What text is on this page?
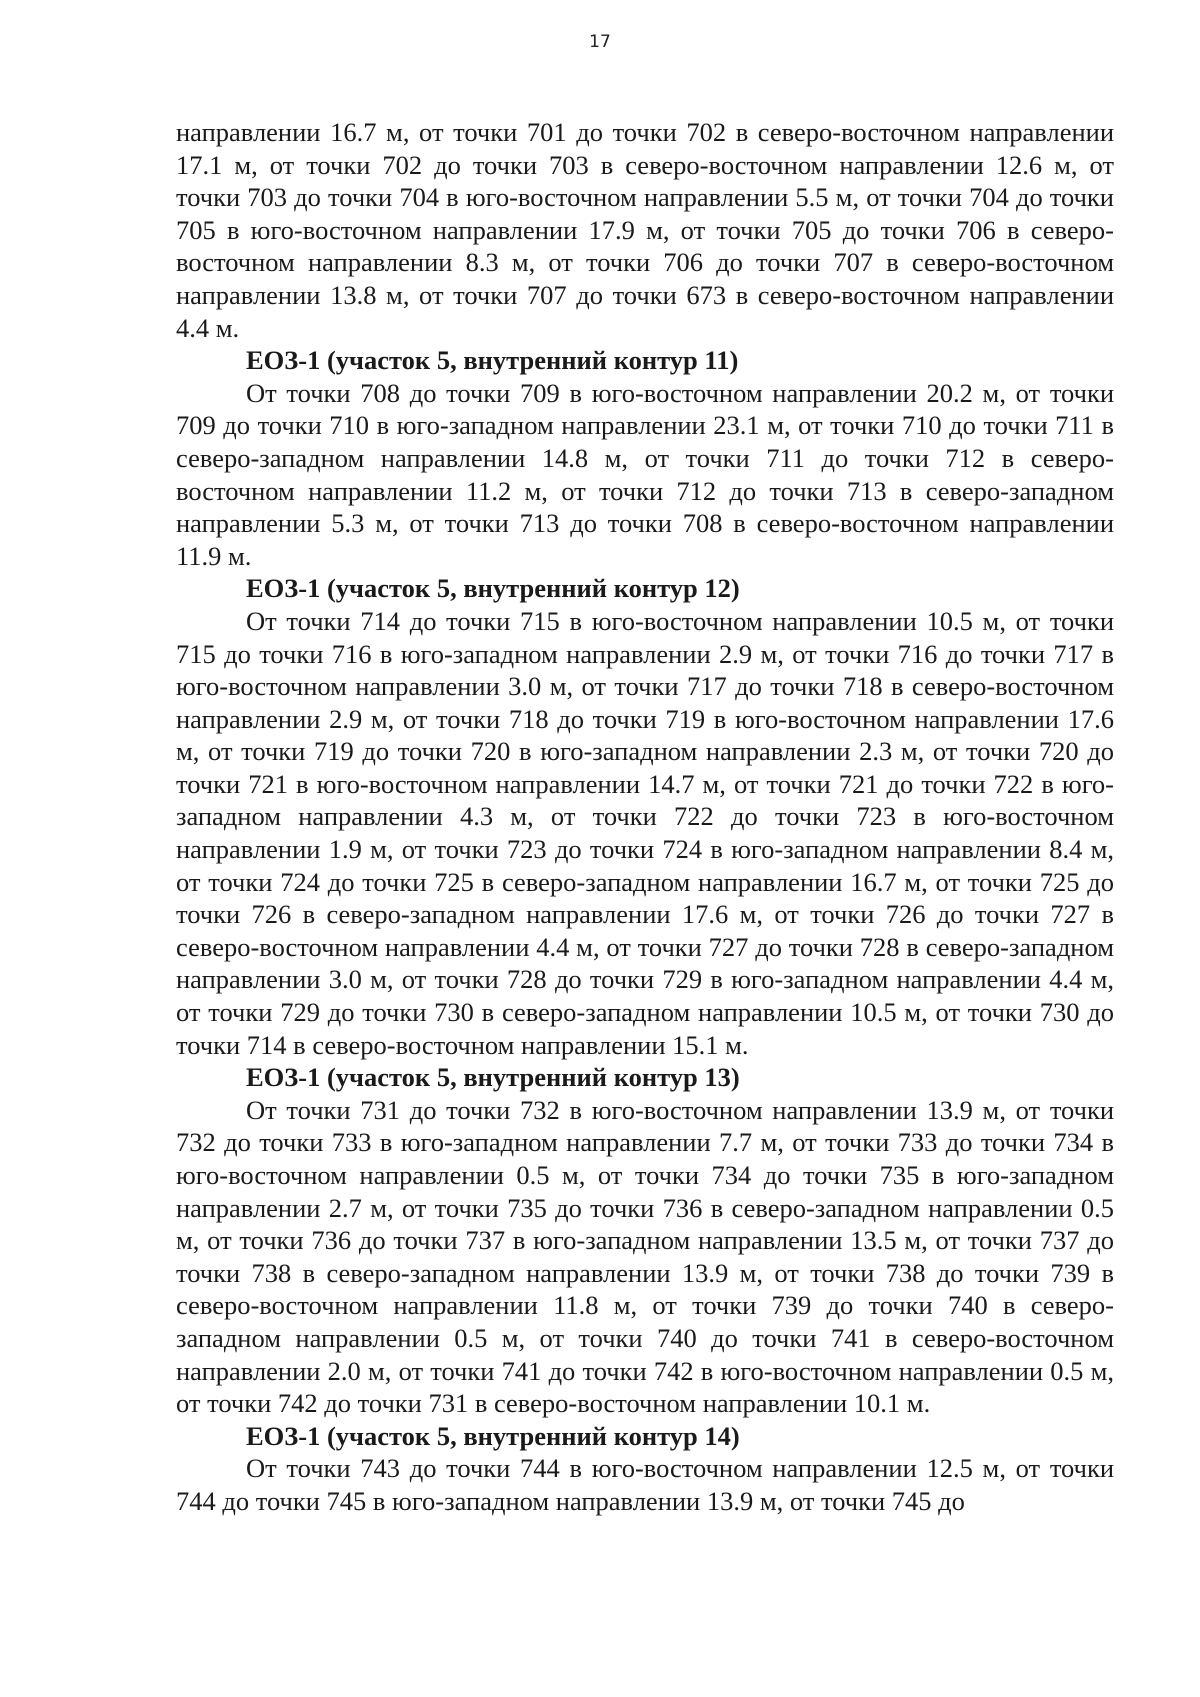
17

направлении 16.7 м, от точки 701 до точки 702 в северо-восточном направлении 17.1 м, от точки 702 до точки 703 в северо-восточном направлении 12.6 м, от точки 703 до точки 704 в юго-восточном направлении 5.5 м, от точки 704 до точки 705 в юго-восточном направлении 17.9 м, от точки 705 до точки 706 в северо-восточном направлении 8.3 м, от точки 706 до точки 707 в северо-восточном направлении 13.8 м, от точки 707 до точки 673 в северо-восточном направлении 4.4 м.

ЕОЗ-1 (участок 5, внутренний контур 11)

От точки 708 до точки 709 в юго-восточном направлении 20.2 м, от точки 709 до точки 710 в юго-западном направлении 23.1 м, от точки 710 до точки 711 в северо-западном направлении 14.8 м, от точки 711 до точки 712 в северо-восточном направлении 11.2 м, от точки 712 до точки 713 в северо-западном направлении 5.3 м, от точки 713 до точки 708 в северо-восточном направлении 11.9 м.

ЕОЗ-1 (участок 5, внутренний контур 12)

От точки 714 до точки 715 в юго-восточном направлении 10.5 м, от точки 715 до точки 716 в юго-западном направлении 2.9 м, от точки 716 до точки 717 в юго-восточном направлении 3.0 м, от точки 717 до точки 718 в северо-восточном направлении 2.9 м, от точки 718 до точки 719 в юго-восточном направлении 17.6 м, от точки 719 до точки 720 в юго-западном направлении 2.3 м, от точки 720 до точки 721 в юго-восточном направлении 14.7 м, от точки 721 до точки 722 в юго-западном направлении 4.3 м, от точки 722 до точки 723 в юго-восточном направлении 1.9 м, от точки 723 до точки 724 в юго-западном направлении 8.4 м, от точки 724 до точки 725 в северо-западном направлении 16.7 м, от точки 725 до точки 726 в северо-западном направлении 17.6 м, от точки 726 до точки 727 в северо-восточном направлении 4.4 м, от точки 727 до точки 728 в северо-западном направлении 3.0 м, от точки 728 до точки 729 в юго-западном направлении 4.4 м, от точки 729 до точки 730 в северо-западном направлении 10.5 м, от точки 730 до точки 714 в северо-восточном направлении 15.1 м.

ЕОЗ-1 (участок 5, внутренний контур 13)

От точки 731 до точки 732 в юго-восточном направлении 13.9 м, от точки 732 до точки 733 в юго-западном направлении 7.7 м, от точки 733 до точки 734 в юго-восточном направлении 0.5 м, от точки 734 до точки 735 в юго-западном направлении 2.7 м, от точки 735 до точки 736 в северо-западном направлении 0.5 м, от точки 736 до точки 737 в юго-западном направлении 13.5 м, от точки 737 до точки 738 в северо-западном направлении 13.9 м, от точки 738 до точки 739 в северо-восточном направлении 11.8 м, от точки 739 до точки 740 в северо-западном направлении 0.5 м, от точки 740 до точки 741 в северо-восточном направлении 2.0 м, от точки 741 до точки 742 в юго-восточном направлении 0.5 м, от точки 742 до точки 731 в северо-восточном направлении 10.1 м.

ЕОЗ-1 (участок 5, внутренний контур 14)

От точки 743 до точки 744 в юго-восточном направлении 12.5 м, от точки 744 до точки 745 в юго-западном направлении 13.9 м, от точки 745 до
